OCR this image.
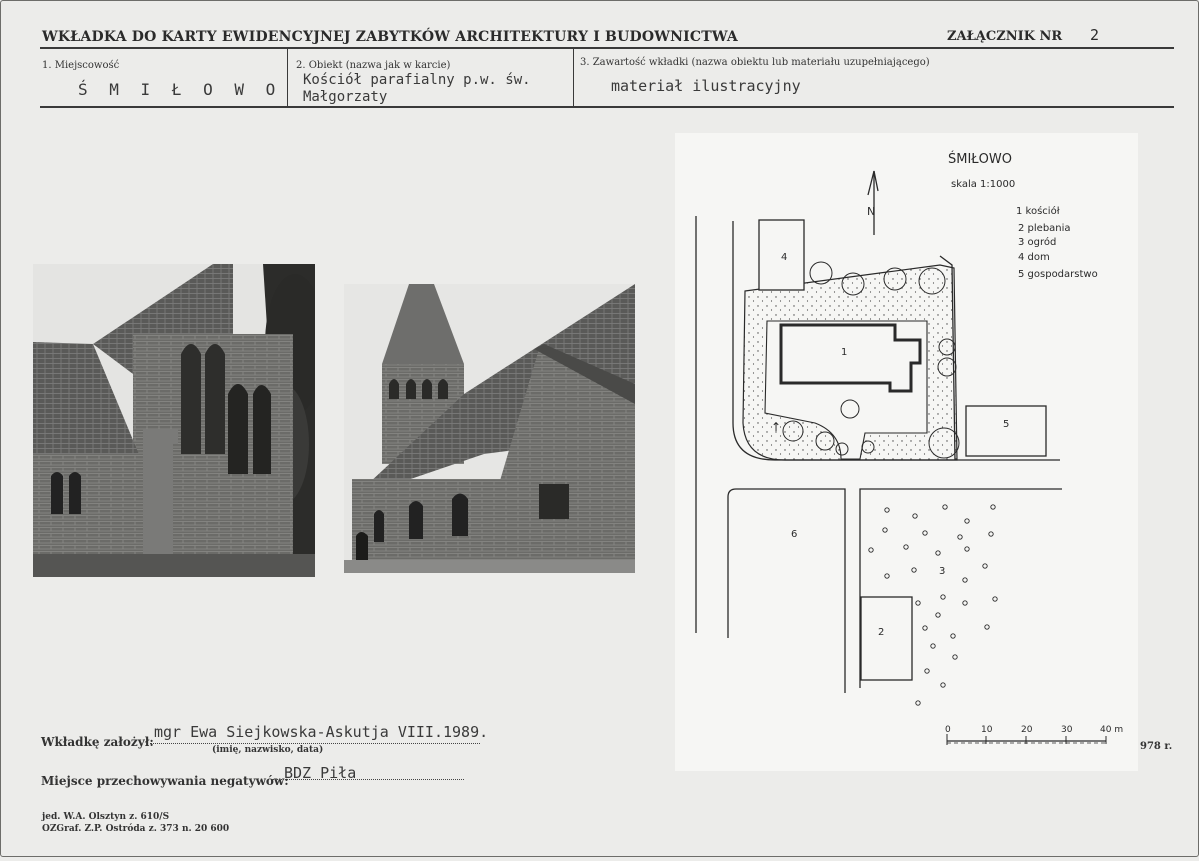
WKŁADKA DO KARTY EWIDENCYJNEJ ZABYTKÓW ARCHITEKTURY I BUDOWNICTWA	ZAŁĄCZNIK NR 2
1. Miejscowość
Ś M I Ł O W O
2. Obiekt (nazwa jak w karcie)
Kościół parafialny p.w. św. Małgorzaty
3. Zawartość wkładki (nazwa obiektu lub materiału uzupełniającego)
materiał ilustracyjny
ŚMIŁOWO
skala 1:1000
N	1 kościół
2 plebania
3 ogród
4 dom
5 gospodarstwo
1
4
↑	5
6
3
2
0	10	20	30	40 m
Wkładkę założył:
mgr Ewa Siejkowska-Askutja VIII.1989.
(imię, nazwisko, data)	978 r.
Miejsce przechowywania negatywów:
BDZ Piła
jed. W.A. Olsztyn z. 610/S
OZGraf. Z.P. Ostróda z. 373 n. 20 600
